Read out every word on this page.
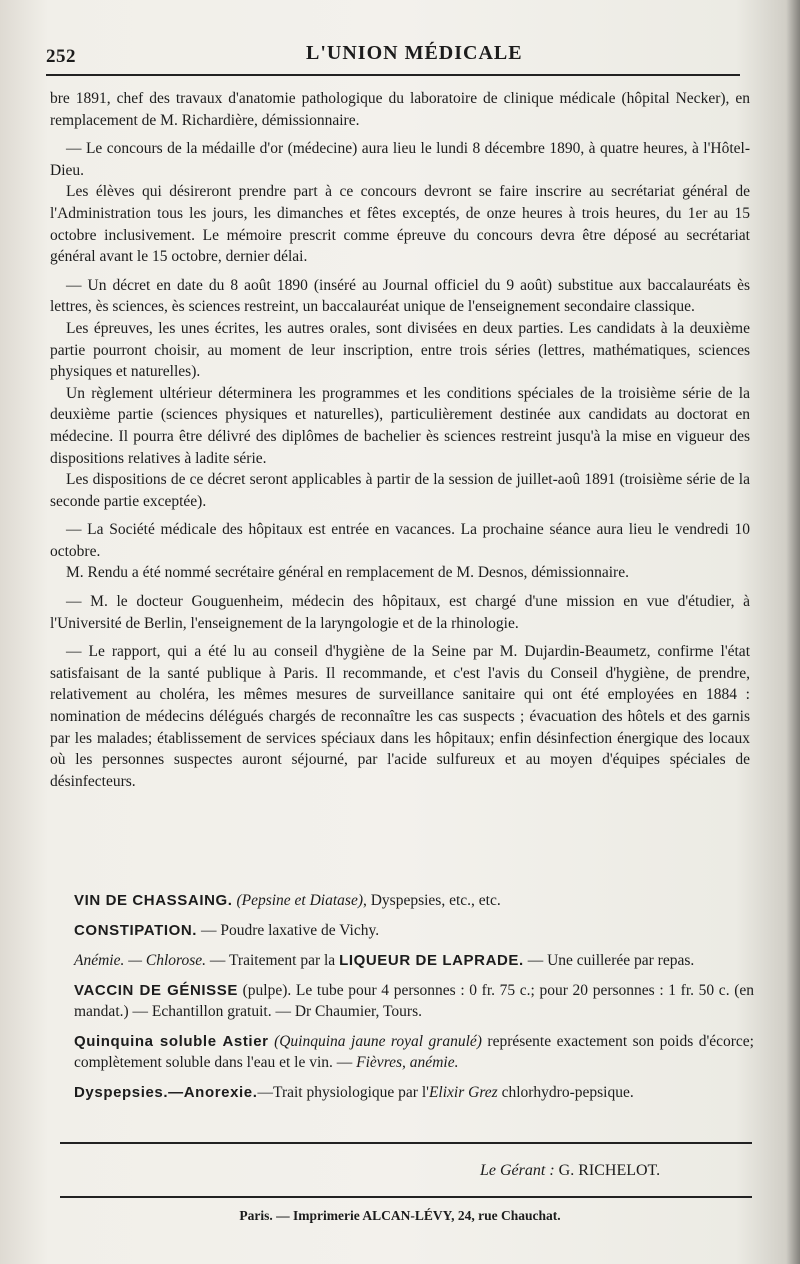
252	L'UNION MÉDICALE

bre 1891, chef des travaux d'anatomie pathologique du laboratoire de clinique médicale (hôpital Necker), en remplacement de M. Richardière, démissionnaire.

— Le concours de la médaille d'or (médecine) aura lieu le lundi 8 décembre 1890, à quatre heures, à l'Hôtel-Dieu.

Les élèves qui désireront prendre part à ce concours devront se faire inscrire au secrétariat général de l'Administration tous les jours, les dimanches et fêtes exceptés, de onze heures à trois heures, du 1er au 15 octobre inclusivement. Le mémoire prescrit comme épreuve du concours devra être déposé au secrétariat général avant le 15 octobre, dernier délai.

— Un décret en date du 8 août 1890 (inséré au Journal officiel du 9 août) substitue aux baccalauréats ès lettres, ès sciences, ès sciences restreint, un baccalauréat unique de l'enseignement secondaire classique.

Les épreuves, les unes écrites, les autres orales, sont divisées en deux parties. Les candidats à la deuxième partie pourront choisir, au moment de leur inscription, entre trois séries (lettres, mathématiques, sciences physiques et naturelles).

Un règlement ultérieur déterminera les programmes et les conditions spéciales de la troisième série de la deuxième partie (sciences physiques et naturelles), particulièrement destinée aux candidats au doctorat en médecine. Il pourra être délivré des diplômes de bachelier ès sciences restreint jusqu'à la mise en vigueur des dispositions relatives à ladite série.

Les dispositions de ce décret seront applicables à partir de la session de juillet-aoû 1891 (troisième série de la seconde partie exceptée).

— La Société médicale des hôpitaux est entrée en vacances. La prochaine séance aura lieu le vendredi 10 octobre.

M. Rendu a été nommé secrétaire général en remplacement de M. Desnos, démissionnaire.

— M. le docteur Gouguenheim, médecin des hôpitaux, est chargé d'une mission en vue d'étudier, à l'Université de Berlin, l'enseignement de la laryngologie et de la rhinologie.

— Le rapport, qui a été lu au conseil d'hygiène de la Seine par M. Dujardin-Beaumetz, confirme l'état satisfaisant de la santé publique à Paris. Il recommande, et c'est l'avis du Conseil d'hygiène, de prendre, relativement au choléra, les mêmes mesures de surveillance sanitaire qui ont été employées en 1884 : nomination de médecins délégués chargés de reconnaître les cas suspects ; évacuation des hôtels et des garnis par les malades; établissement de services spéciaux dans les hôpitaux; enfin désinfection énergique des locaux où les personnes suspectes auront séjourné, par l'acide sulfureux et au moyen d'équipes spéciales de désinfecteurs.

VIN DE CHASSAING. (Pepsine et Diatase), Dyspepsies, etc., etc.
CONSTIPATION. — Poudre laxative de Vichy.
Anémie. — Chlorose. — Traitement par la LIQUEUR DE LAPRADE. — Une cuillerée par repas.
VACCIN DE GÉNISSE (pulpe). Le tube pour 4 personnes : 0 fr. 75 c.; pour 20 personnes : 1 fr. 50 c. (en mandat.) — Echantillon gratuit. — Dr Chaumier, Tours.
Quinquina soluble Astier (Quinquina jaune royal granulé) représente exactement son poids d'écorce; complètement soluble dans l'eau et le vin. — Fièvres, anémie.
Dyspepsies.—Anorexie.—Trait physiologique par l'Elixir Grez chlorhydro-pepsique.
Le Gérant : G. RICHELOT.
Paris. — Imprimerie ALCAN-LÉVY, 24, rue Chauchat.
